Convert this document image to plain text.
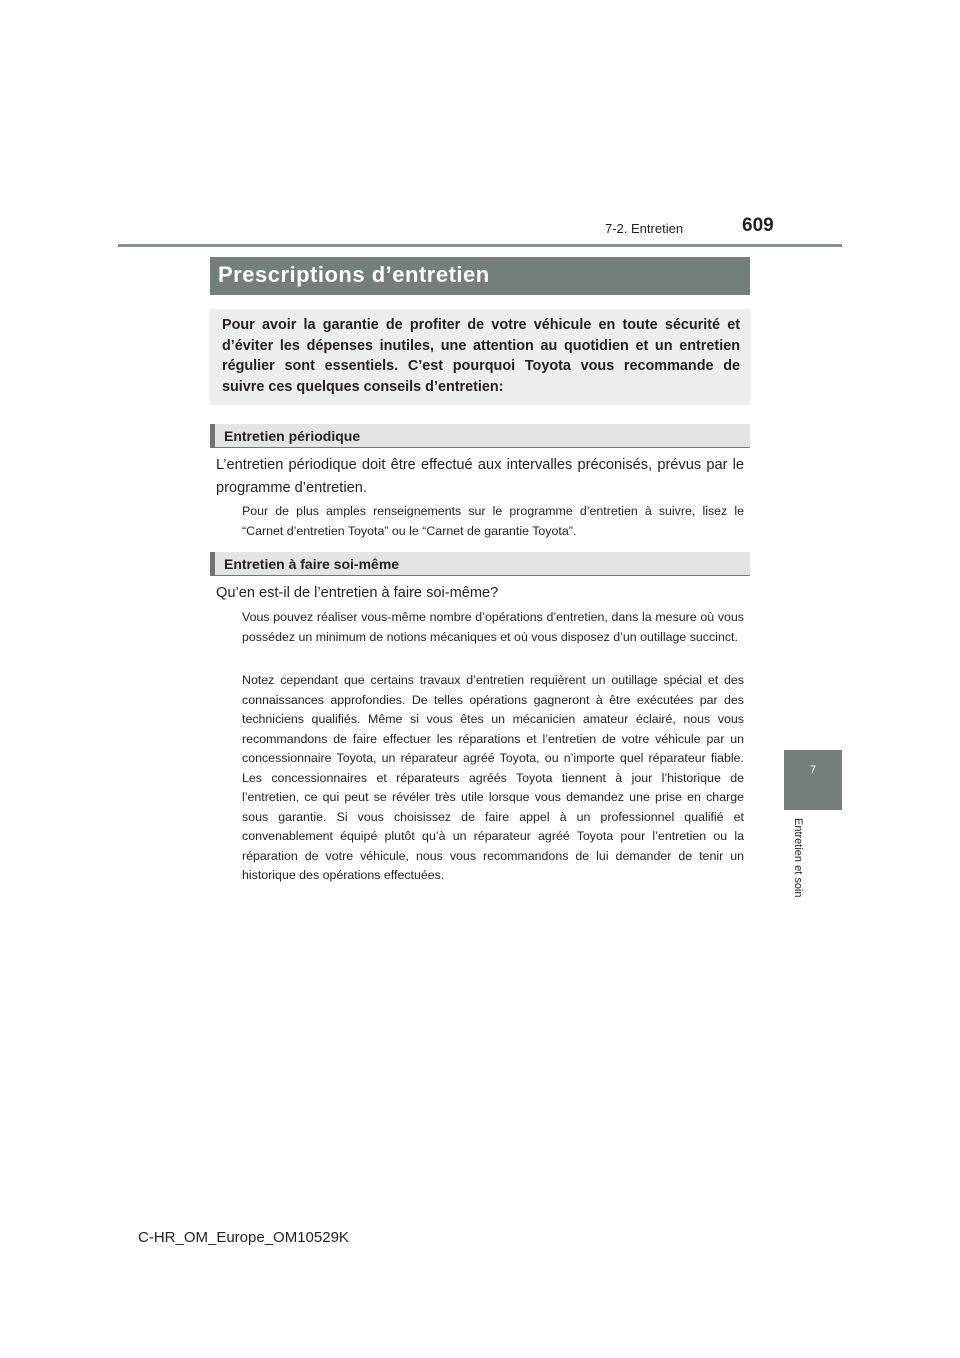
7-2. Entretien	609
7
Entretien et soin
Prescriptions d’entretien

Pour avoir la garantie de profiter de votre véhicule en toute sécurité et d’éviter les dépenses inutiles, une attention au quotidien et un entretien régulier sont essentiels. C’est pourquoi Toyota vous recommande de suivre ces quelques conseils d’entretien:

Entretien périodique

L’entretien périodique doit être effectué aux intervalles préconisés, prévus par le programme d’entretien.

Pour de plus amples renseignements sur le programme d’entretien à suivre, lisez le “Carnet d’entretien Toyota” ou le “Carnet de garantie Toyota”.

Entretien à faire soi-même

Qu’en est-il de l’entretien à faire soi-même?

Vous pouvez réaliser vous-même nombre d’opérations d’entretien, dans la mesure où vous possédez un minimum de notions mécaniques et où vous disposez d’un outillage succinct.

Notez cependant que certains travaux d’entretien requièrent un outillage spécial et des connaissances approfondies. De telles opérations gagneront à être exécutées par des techniciens qualifiés. Même si vous êtes un mécanicien amateur éclairé, nous vous recommandons de faire effectuer les réparations et l’entretien de votre véhicule par un concessionnaire Toyota, un réparateur agréé Toyota, ou n’importe quel réparateur fiable. Les concessionnaires et réparateurs agréés Toyota tiennent à jour l’historique de l’entretien, ce qui peut se révéler très utile lorsque vous demandez une prise en charge sous garantie. Si vous choisissez de faire appel à un professionnel qualifié et convenablement équipé plutôt qu’à un réparateur agréé Toyota pour l’entretien ou la réparation de votre véhicule, nous vous recommandons de lui demander de tenir un historique des opérations effectuées.

C-HR_OM_Europe_OM10529K
